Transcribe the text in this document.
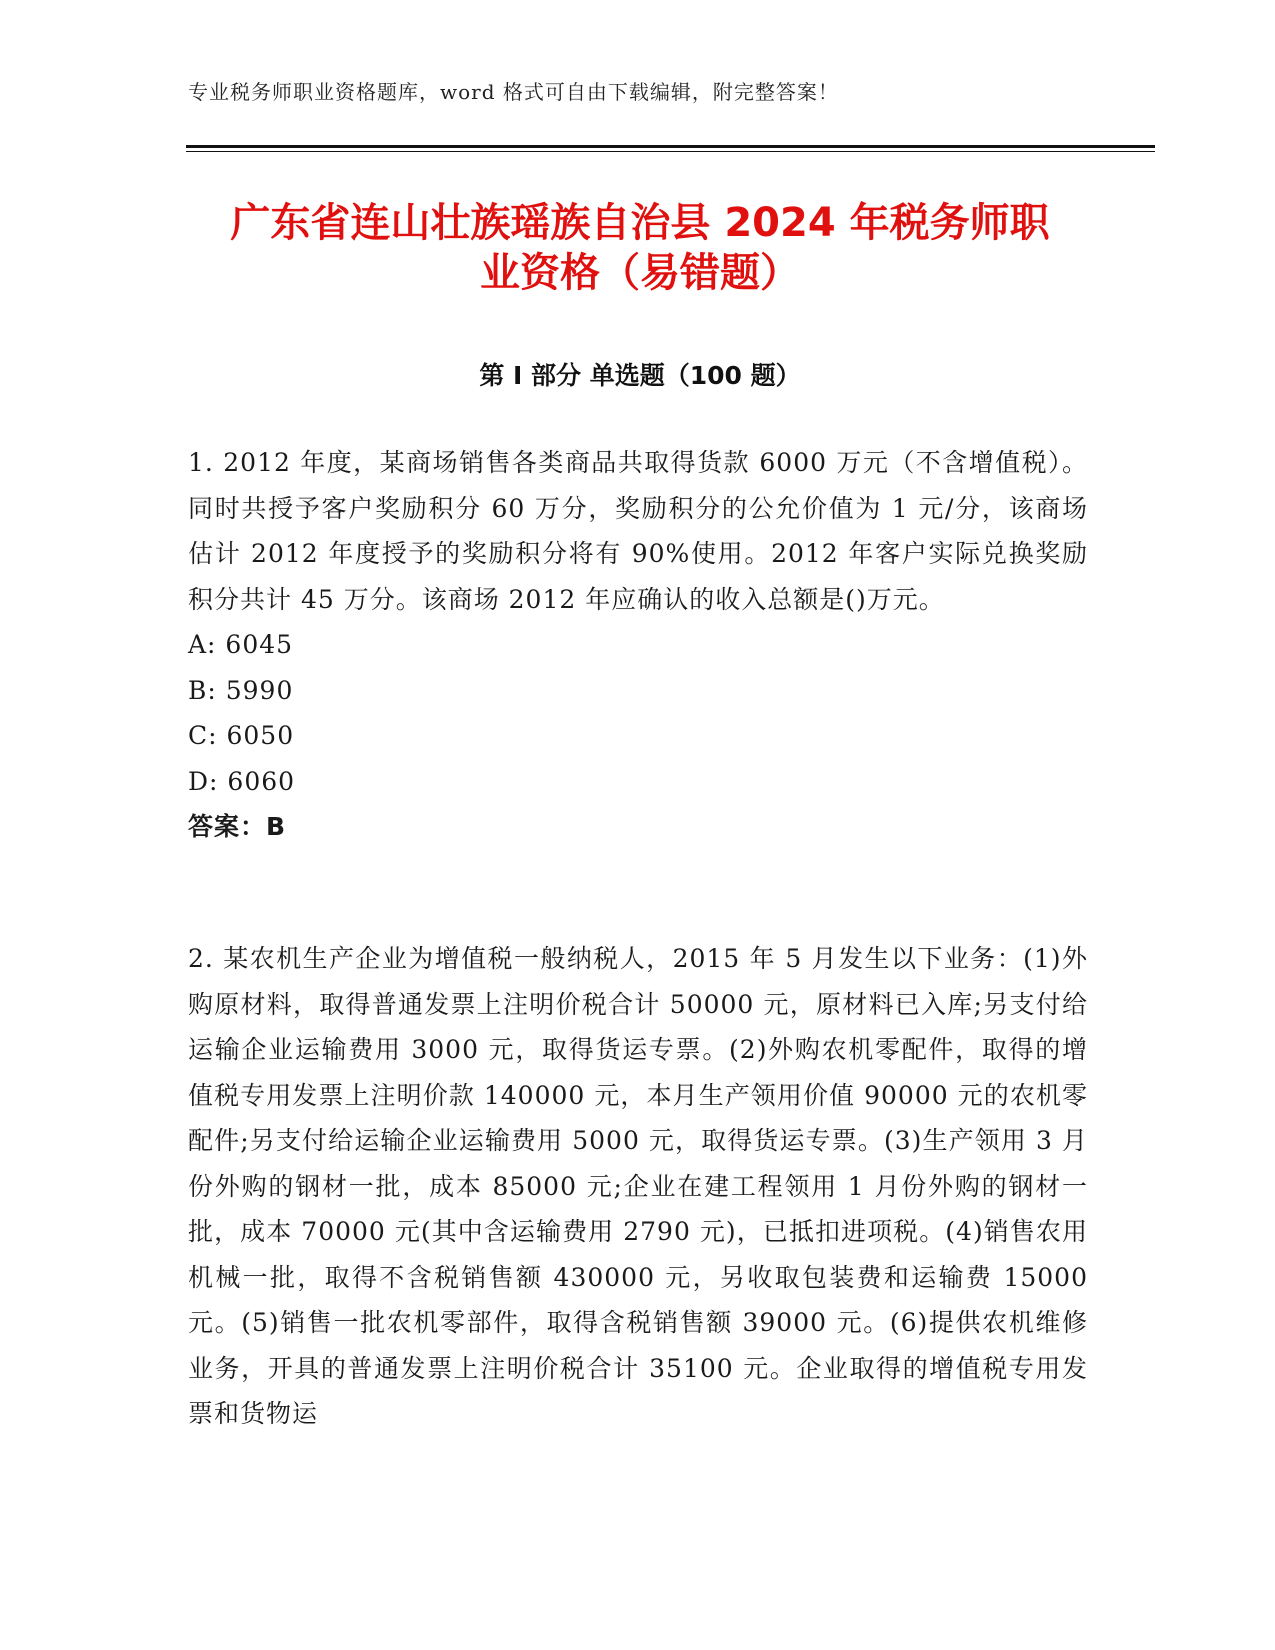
专业税务师职业资格题库，word 格式可自由下载编辑，附完整答案！
广东省连山壮族瑶族自治县 2024 年税务师职
业资格（易错题）
第 I 部分 单选题（100 题）
1. 2012 年度，某商场销售各类商品共取得货款 6000 万元（不含增值税）。同时共授予客户奖励积分 60 万分，奖励积分的公允价值为 1 元/分，该商场估计 2012 年度授予的奖励积分将有 90%使用。2012 年客户实际兑换奖励积分共计 45 万分。该商场 2012 年应确认的收入总额是()万元。
A: 6045
B: 5990
C: 6050
D: 6060
答案：B
2. 某农机生产企业为增值税一般纳税人，2015 年 5 月发生以下业务：(1)外购原材料，取得普通发票上注明价税合计 50000 元，原材料已入库;另支付给运输企业运输费用 3000 元，取得货运专票。(2)外购农机零配件，取得的增值税专用发票上注明价款 140000 元，本月生产领用价值 90000 元的农机零配件;另支付给运输企业运输费用 5000 元，取得货运专票。(3)生产领用 3 月份外购的钢材一批，成本 85000 元;企业在建工程领用 1 月份外购的钢材一批，成本 70000 元(其中含运输费用 2790 元)，已抵扣进项税。(4)销售农用机械一批，取得不含税销售额 430000 元，另收取包装费和运输费 15000 元。(5)销售一批农机零部件，取得含税销售额 39000 元。(6)提供农机维修业务，开具的普通发票上注明价税合计 35100 元。企业取得的增值税专用发票和货物运
